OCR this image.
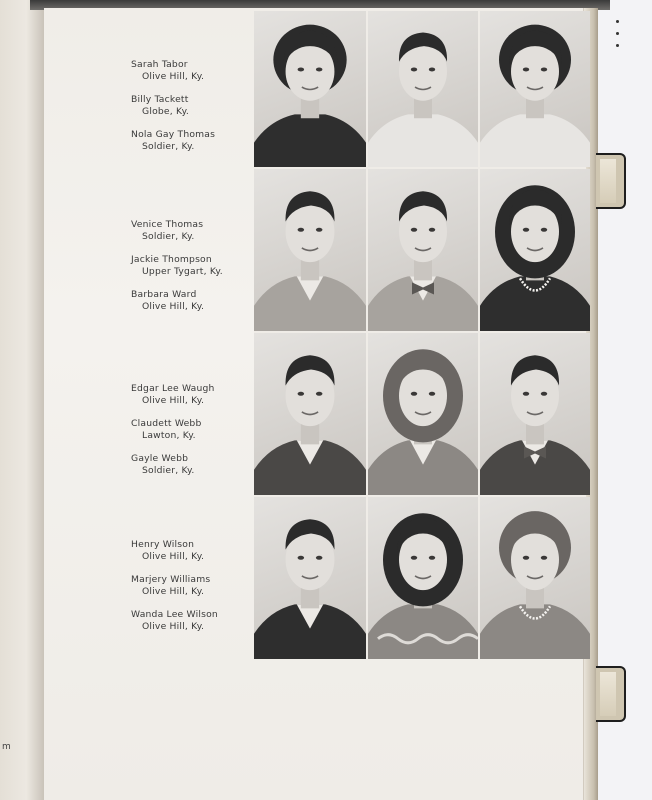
m
Sarah Tabor
Olive Hill, Ky.
Billy Tackett
Globe, Ky.
Nola Gay Thomas
Soldier, Ky.
Venice Thomas
Soldier, Ky.
Jackie Thompson
Upper Tygart, Ky.
Barbara Ward
Olive Hill, Ky.
Edgar Lee Waugh
Olive Hill, Ky.
Claudett Webb
Lawton, Ky.
Gayle Webb
Soldier, Ky.
Henry Wilson
Olive Hill, Ky.
Marjery Williams
Olive Hill, Ky.
Wanda Lee Wilson
Olive Hill, Ky.
